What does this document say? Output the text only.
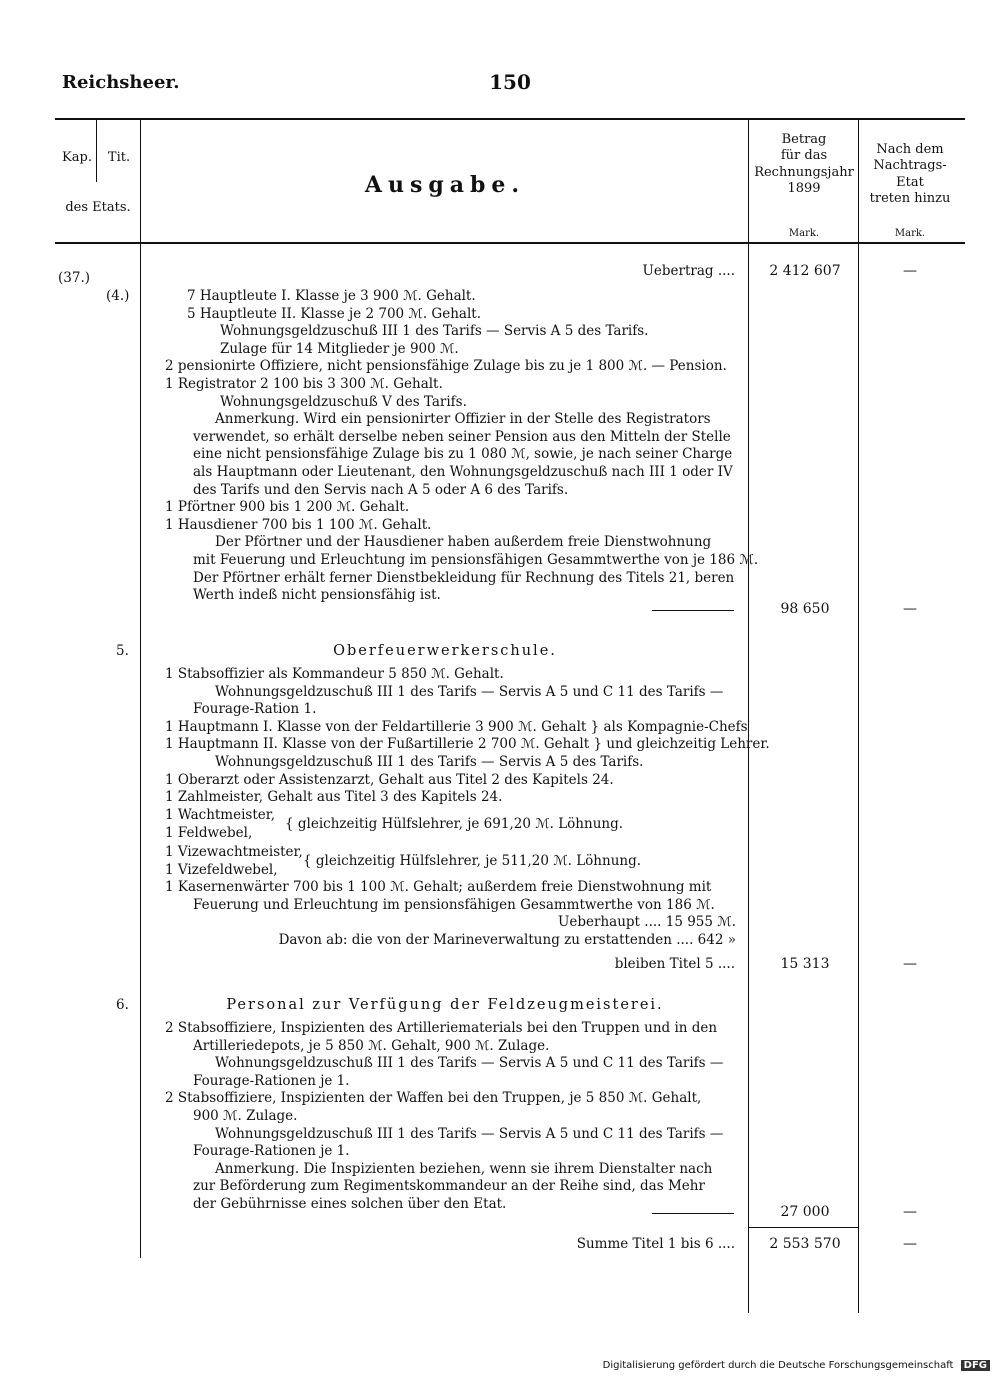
Reichsheer.	150
Kap.	Tit.
des Etats.
Ausgabe.
Betrag
für das
Rechnungsjahr
1899
Mark.
Nach dem
Nachtrags-Etat
treten hinzu
Mark.
(37.)
(4.)
Uebertrag ....	2 412 607	—
7 Hauptleute I. Klasse je 3 900 ℳ. Gehalt.
5 Hauptleute II. Klasse je 2 700 ℳ. Gehalt.
Wohnungsgeldzuschuß III 1 des Tarifs — Servis A 5 des Tarifs.
Zulage für 14 Mitglieder je 900 ℳ.
2 pensionirte Offiziere, nicht pensionsfähige Zulage bis zu je 1 800 ℳ. — Pension.
1 Registrator 2 100 bis 3 300 ℳ. Gehalt.
Wohnungsgeldzuschuß V des Tarifs.
Anmerkung. Wird ein pensionirter Offizier in der Stelle des Registrators
verwendet, so erhält derselbe neben seiner Pension aus den Mitteln der Stelle
eine nicht pensionsfähige Zulage bis zu 1 080 ℳ, sowie, je nach seiner Charge
als Hauptmann oder Lieutenant, den Wohnungsgeldzuschuß nach III 1 oder IV
des Tarifs und den Servis nach A 5 oder A 6 des Tarifs.
1 Pförtner 900 bis 1 200 ℳ. Gehalt.
1 Hausdiener 700 bis 1 100 ℳ. Gehalt.
Der Pförtner und der Hausdiener haben außerdem freie Dienstwohnung
mit Feuerung und Erleuchtung im pensionsfähigen Gesammtwerthe von je 186 ℳ.
Der Pförtner erhält ferner Dienstbekleidung für Rechnung des Titels 21, beren
Werth indeß nicht pensionsfähig ist.
98 650	—
5.	Oberfeuerwerkerschule.
1 Stabsoffizier als Kommandeur 5 850 ℳ. Gehalt.
Wohnungsgeldzuschuß III 1 des Tarifs — Servis A 5 und C 11 des Tarifs —
Fourage-Ration 1.
1 Hauptmann I. Klasse von der Feldartillerie 3 900 ℳ. Gehalt } als Kompagnie-Chefs
1 Hauptmann II. Klasse von der Fußartillerie 2 700 ℳ. Gehalt } und gleichzeitig Lehrer.
Wohnungsgeldzuschuß III 1 des Tarifs — Servis A 5 des Tarifs.
1 Oberarzt oder Assistenzarzt, Gehalt aus Titel 2 des Kapitels 24.
1 Zahlmeister, Gehalt aus Titel 3 des Kapitels 24.
1 Wachtmeister,
1 Feldwebel,
{ gleichzeitig Hülfslehrer, je 691,20 ℳ. Löhnung.
1 Vizewachtmeister,
1 Vizefeldwebel,
{ gleichzeitig Hülfslehrer, je 511,20 ℳ. Löhnung.
1 Kasernenwärter 700 bis 1 100 ℳ. Gehalt; außerdem freie Dienstwohnung mit
Feuerung und Erleuchtung im pensionsfähigen Gesammtwerthe von 186 ℳ.
Ueberhaupt .... 15 955 ℳ.
Davon ab: die von der Marineverwaltung zu erstattenden .... 642 »
bleiben Titel 5 ....	15 313	—
6.	Personal zur Verfügung der Feldzeugmeisterei.
2 Stabsoffiziere, Inspizienten des Artilleriematerials bei den Truppen und in den
Artilleriedepots, je 5 850 ℳ. Gehalt, 900 ℳ. Zulage.
Wohnungsgeldzuschuß III 1 des Tarifs — Servis A 5 und C 11 des Tarifs —
Fourage-Rationen je 1.
2 Stabsoffiziere, Inspizienten der Waffen bei den Truppen, je 5 850 ℳ. Gehalt,
900 ℳ. Zulage.
Wohnungsgeldzuschuß III 1 des Tarifs — Servis A 5 und C 11 des Tarifs —
Fourage-Rationen je 1.
Anmerkung. Die Inspizienten beziehen, wenn sie ihrem Dienstalter nach
zur Beförderung zum Regimentskommandeur an der Reihe sind, das Mehr
der Gebührnisse eines solchen über den Etat.	27 000	—
Summe Titel 1 bis 6 ....	2 553 570	—
Digitalisierung gefördert durch die Deutsche Forschungsgemeinschaft DFG
